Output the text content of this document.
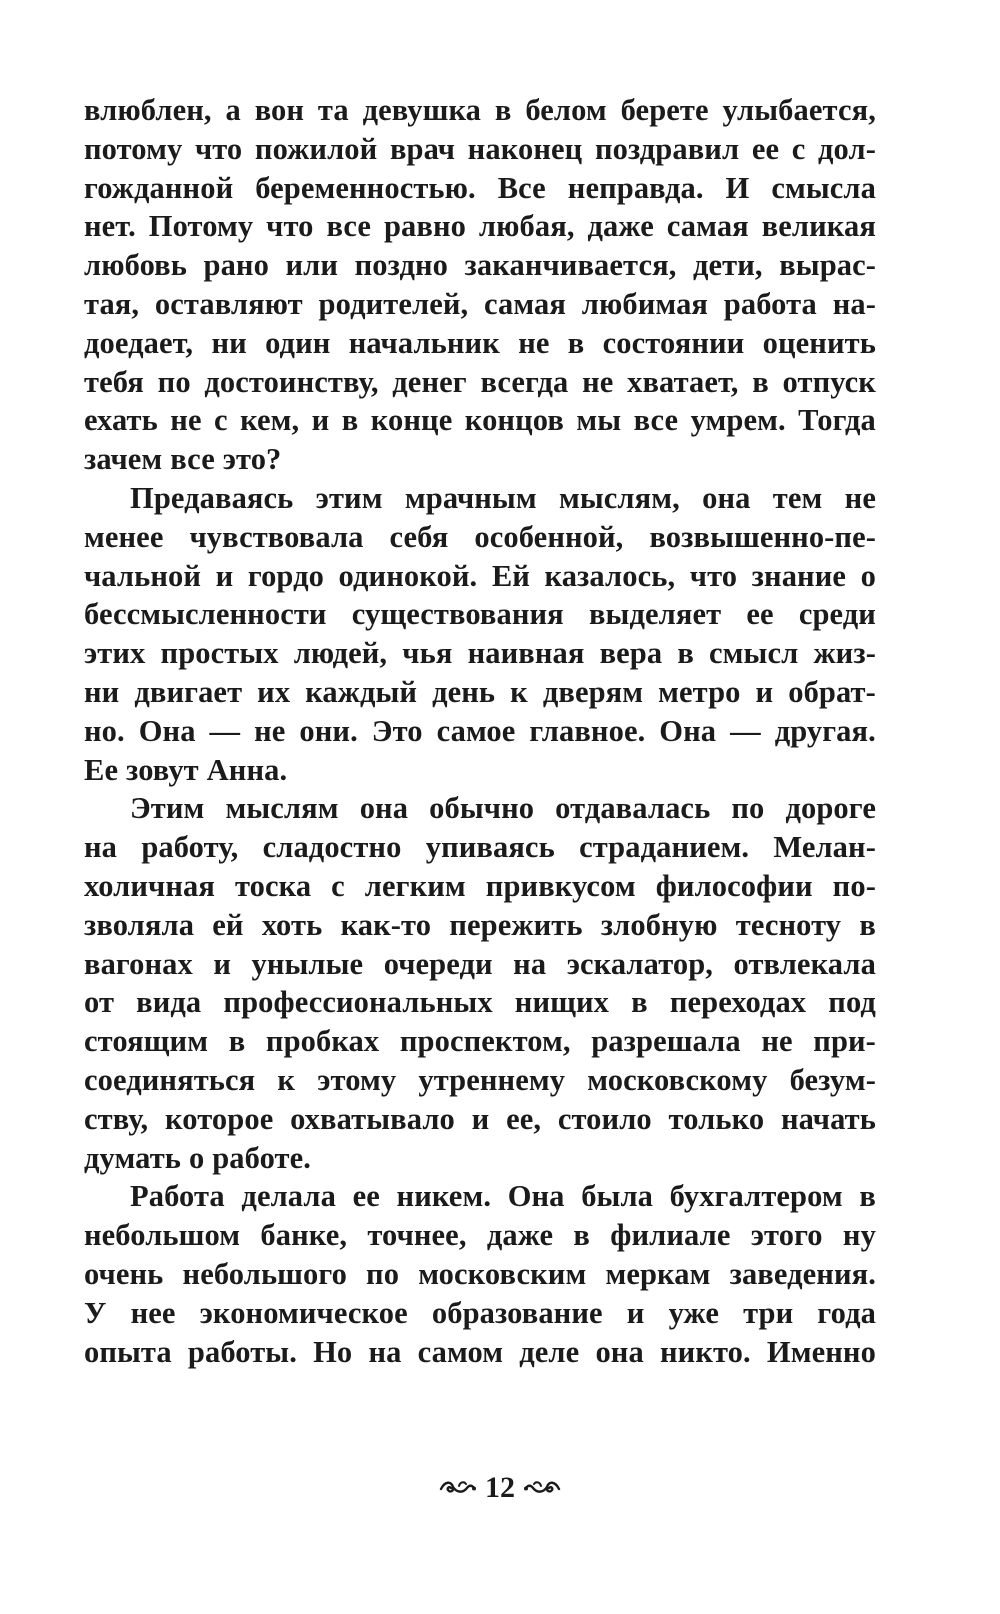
влюблен, а вон та девушка в белом берете улыбается,
потому что пожилой врач наконец поздравил ее с дол-
гожданной беременностью. Все неправда. И смысла
нет. Потому что все равно любая, даже самая великая
любовь рано или поздно заканчивается, дети, вырас-
тая, оставляют родителей, самая любимая работа на-
доедает, ни один начальник не в состоянии оценить
тебя по достоинству, денег всегда не хватает, в отпуск
ехать не с кем, и в конце концов мы все умрем. Тогда
зачем все это?
Предаваясь этим мрачным мыслям, она тем не
менее чувствовала себя особенной, возвышенно-пе-
чальной и гордо одинокой. Ей казалось, что знание о
бессмысленности существования выделяет ее среди
этих простых людей, чья наивная вера в смысл жиз-
ни двигает их каждый день к дверям метро и обрат-
но. Она — не они. Это самое главное. Она — другая.
Ее зовут Анна.
Этим мыслям она обычно отдавалась по дороге
на работу, сладостно упиваясь страданием. Мелан-
холичная тоска с легким привкусом философии по-
зволяла ей хоть как-то пережить злобную тесноту в
вагонах и унылые очереди на эскалатор, отвлекала
от вида профессиональных нищих в переходах под
стоящим в пробках проспектом, разрешала не при-
соединяться к этому утреннему московскому безум-
ству, которое охватывало и ее, стоило только начать
думать о работе.
Работа делала ее никем. Она была бухгалтером в
небольшом банке, точнее, даже в филиале этого ну
очень небольшого по московским меркам заведения.
У нее экономическое образование и уже три года
опыта работы. Но на самом деле она никто. Именно
12
